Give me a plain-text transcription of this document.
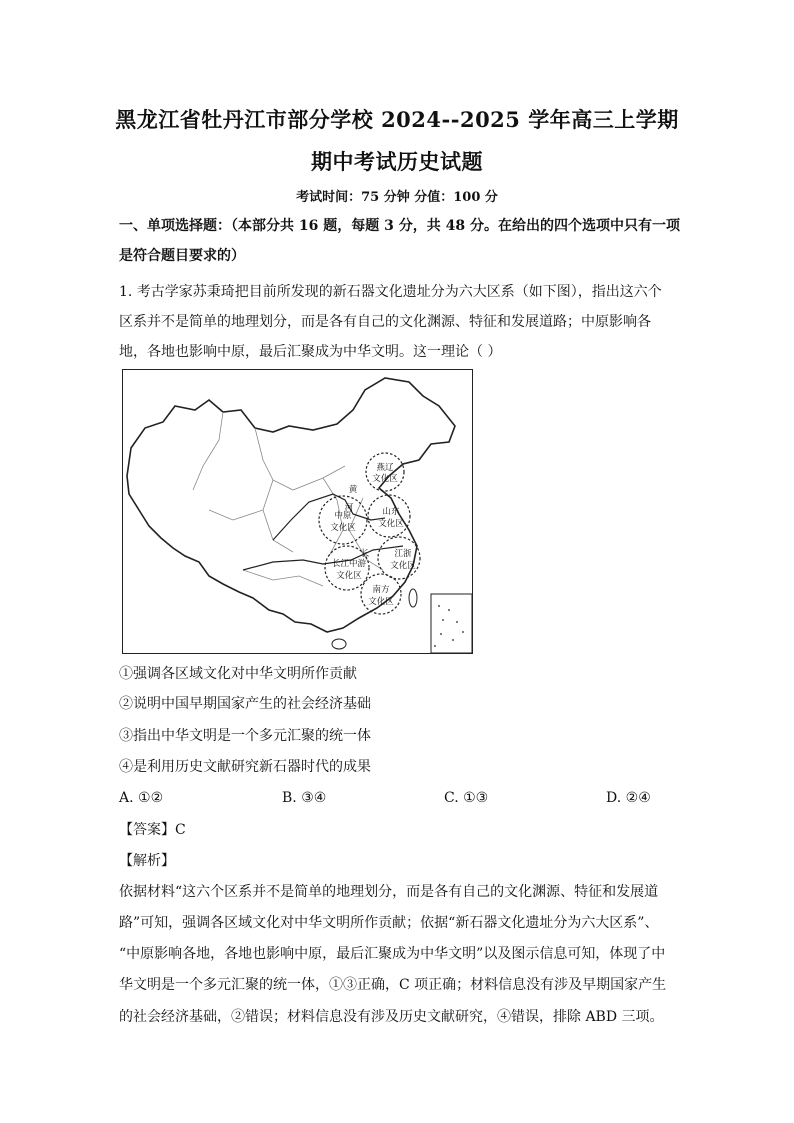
黑龙江省牡丹江市部分学校 2024--2025 学年高三上学期
期中考试历史试题
考试时间：75 分钟 分值：100 分
一、单项选择题：（本部分共 16 题，每题 3 分，共 48 分。在给出的四个选项中只有一项
是符合题目要求的）
1. 考古学家苏秉琦把目前所发现的新石器文化遗址分为六大区系（如下图），指出这六个
区系并不是简单的地理划分，而是各有自己的文化渊源、特征和发展道路；中原影响各
地，各地也影响中原，最后汇聚成为中华文明。这一理论（ ）
燕辽
文化区
中原
文化区
山东
文化区
长江中游
文化区
江浙
文化区
南方
文化区
黄
河
长
①强调各区域文化对中华文明所作贡献
②说明中国早期国家产生的社会经济基础
③指出中华文明是一个多元汇聚的统一体
④是利用历史文献研究新石器时代的成果
A. ①②	B. ③④	C. ①③	D. ②④
【答案】C
【解析】
依据材料“这六个区系并不是简单的地理划分，而是各有自己的文化渊源、特征和发展道
路”可知，强调各区域文化对中华文明所作贡献；依据“新石器文化遗址分为六大区系”、
“中原影响各地，各地也影响中原，最后汇聚成为中华文明”以及图示信息可知，体现了中
华文明是一个多元汇聚的统一体，①③正确，C 项正确；材料信息没有涉及早期国家产生
的社会经济基础，②错误；材料信息没有涉及历史文献研究，④错误，排除 ABD 三项。
